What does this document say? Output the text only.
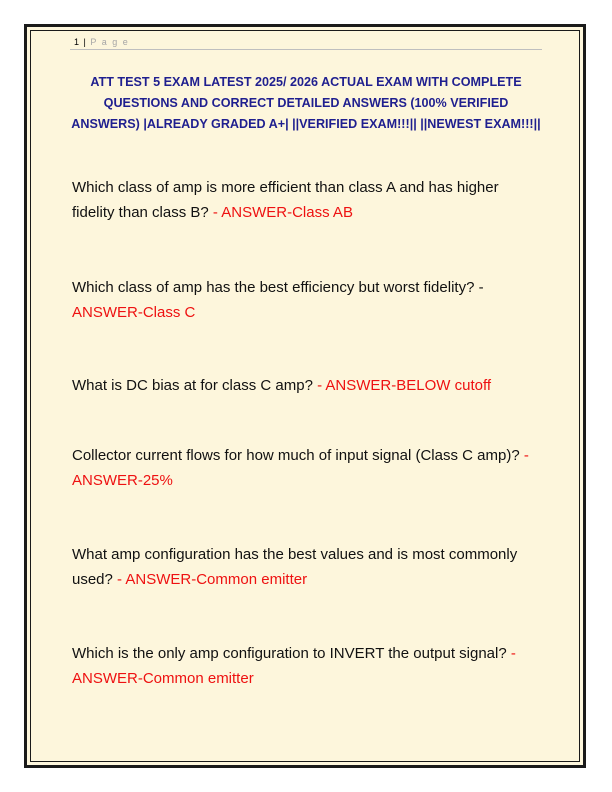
1 | P a g e
ATT TEST 5 EXAM LATEST 2025/ 2026 ACTUAL EXAM WITH COMPLETE QUESTIONS AND CORRECT DETAILED ANSWERS (100% VERIFIED ANSWERS) |ALREADY GRADED A+| ||VERIFIED EXAM!!!|| ||NEWEST EXAM!!!||

Which class of amp is more efficient than class A and has higher fidelity than class B? - ANSWER-Class AB

Which class of amp has the best efficiency but worst fidelity? - ANSWER-Class C

What is DC bias at for class C amp? - ANSWER-BELOW cutoff

Collector current flows for how much of input signal (Class C amp)? - ANSWER-25%

What amp configuration has the best values and is most commonly used? - ANSWER-Common emitter

Which is the only amp configuration to INVERT the output signal? - ANSWER-Common emitter
